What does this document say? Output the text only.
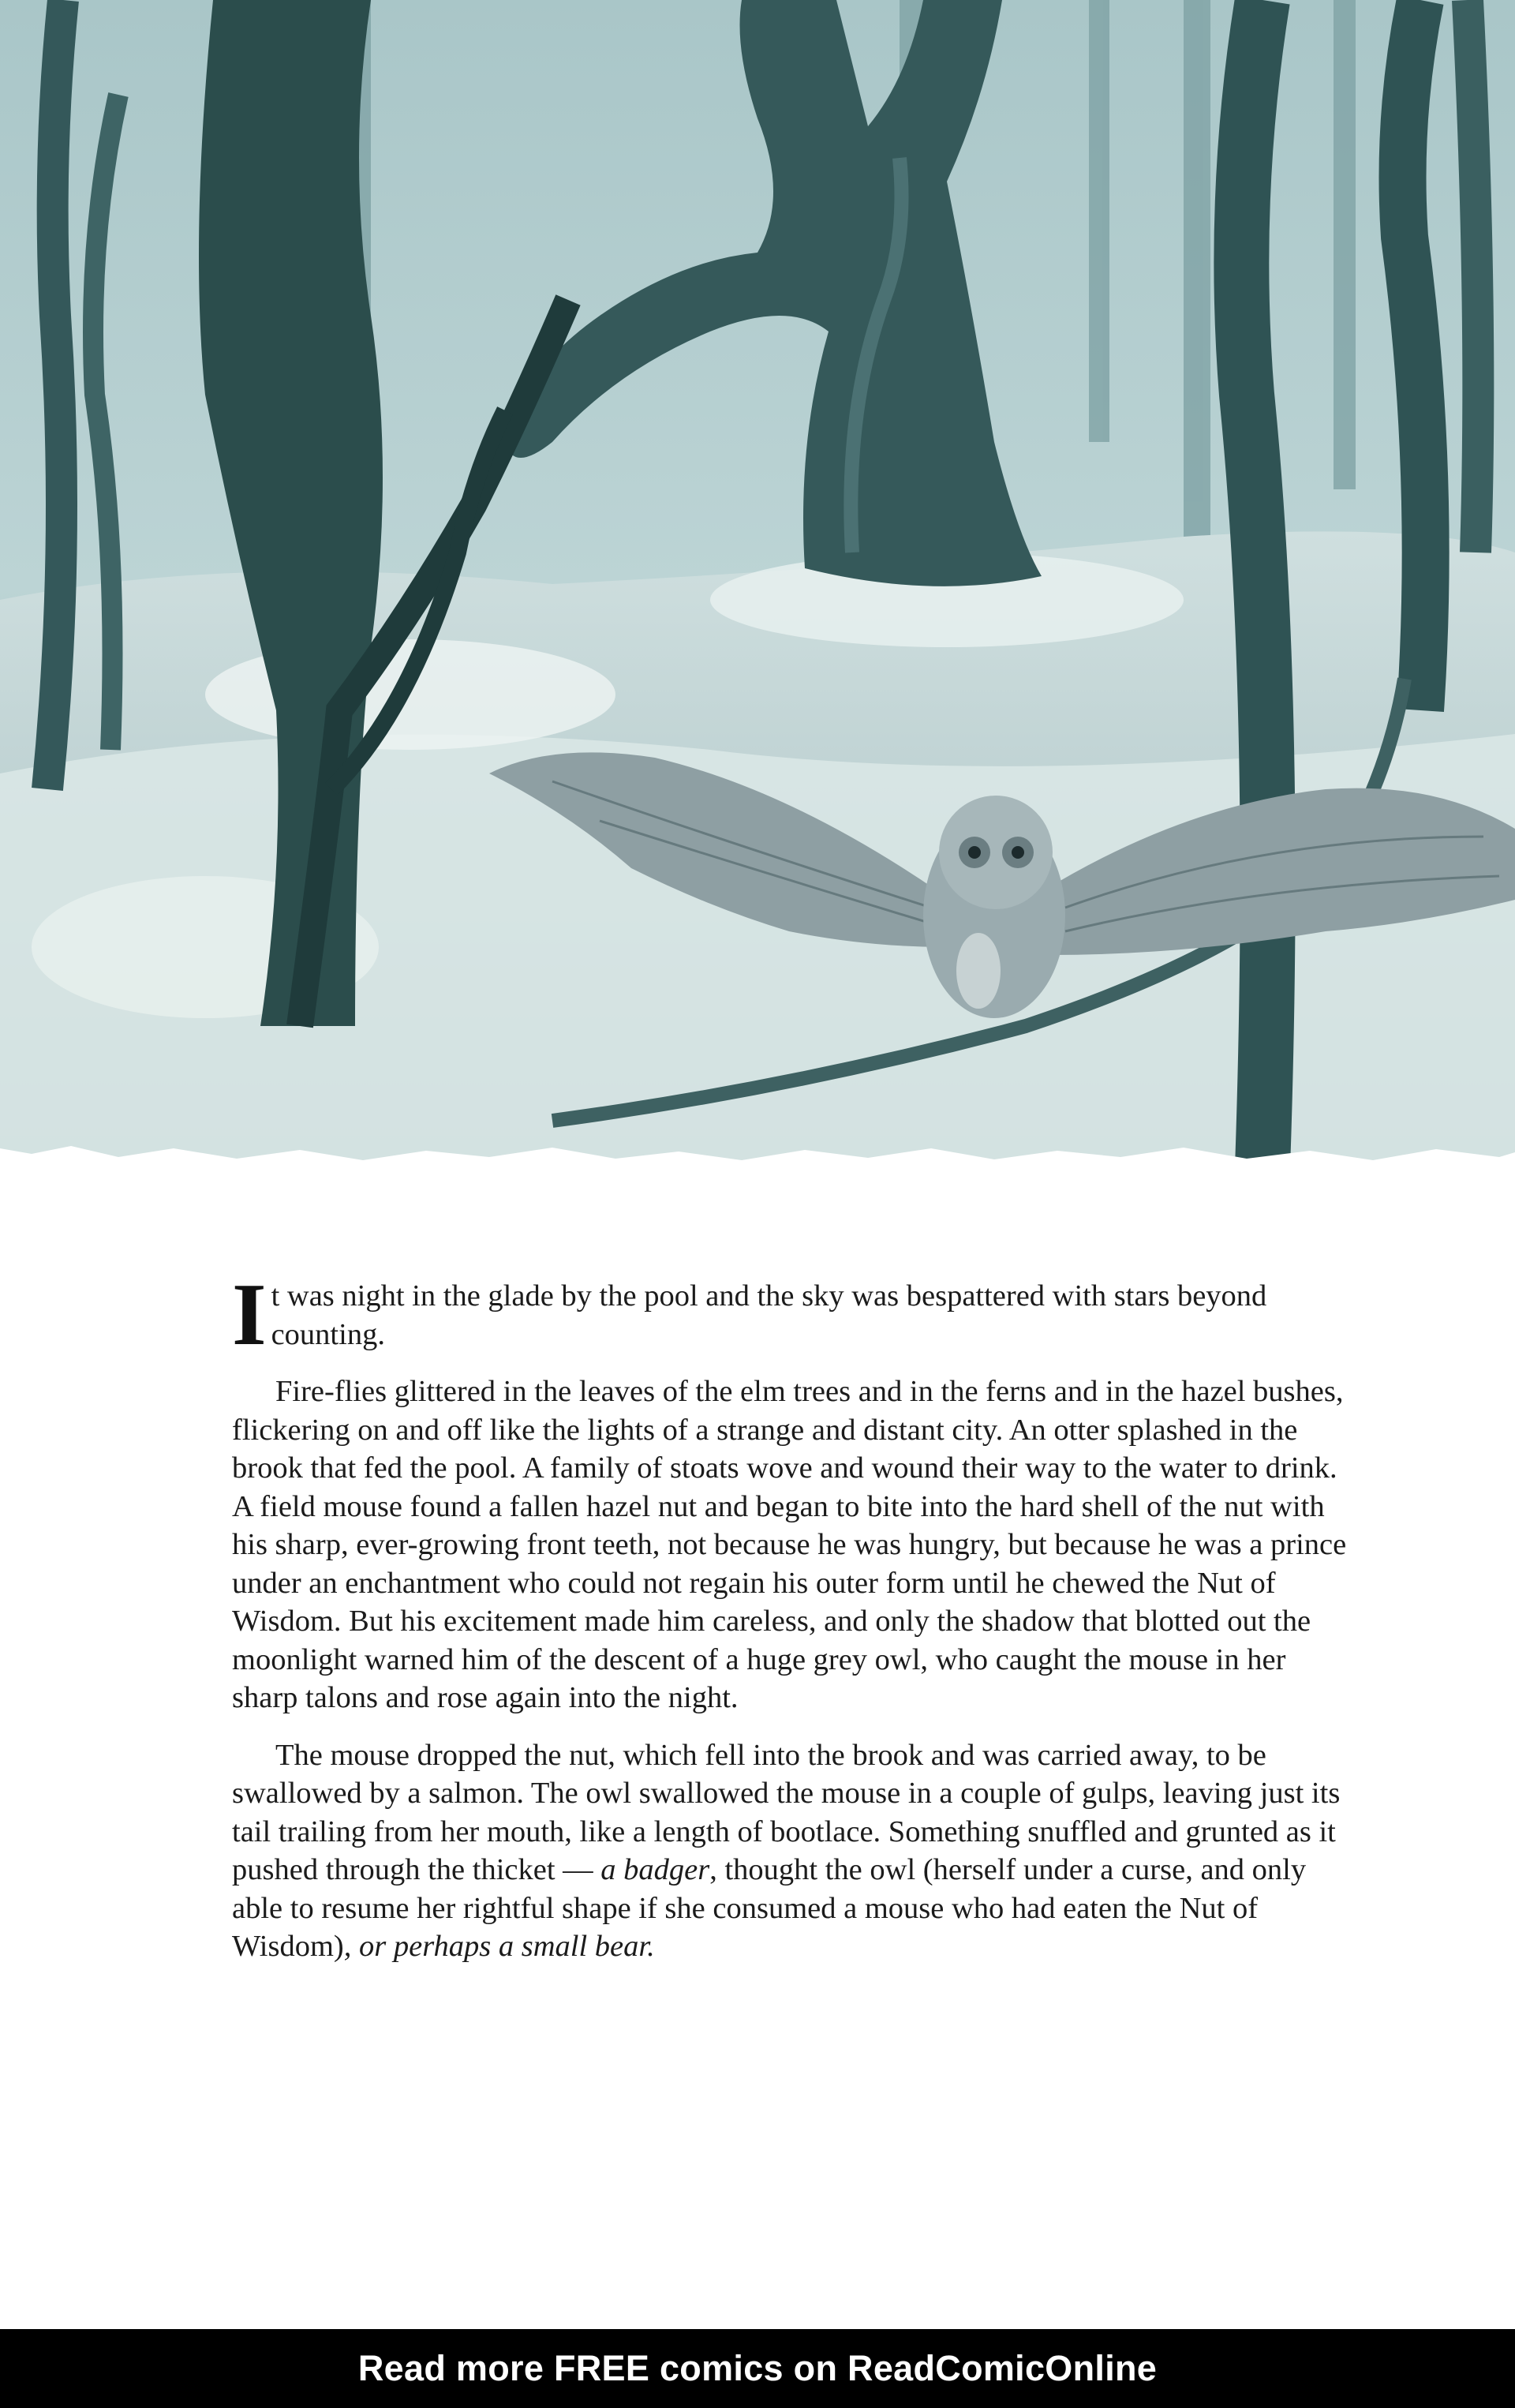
It was night in the glade by the pool and the sky was bespattered with stars beyond counting.

Fire-flies glittered in the leaves of the elm trees and in the ferns and in the hazel bushes, flickering on and off like the lights of a strange and distant city. An otter splashed in the brook that fed the pool. A family of stoats wove and wound their way to the water to drink. A field mouse found a fallen hazel nut and began to bite into the hard shell of the nut with his sharp, ever-growing front teeth, not because he was hungry, but because he was a prince under an enchantment who could not regain his outer form until he chewed the Nut of Wisdom. But his excitement made him careless, and only the shadow that blotted out the moonlight warned him of the descent of a huge grey owl, who caught the mouse in her sharp talons and rose again into the night.

The mouse dropped the nut, which fell into the brook and was carried away, to be swallowed by a salmon. The owl swallowed the mouse in a couple of gulps, leaving just its tail trailing from her mouth, like a length of bootlace. Something snuffled and grunted as it pushed through the thicket — a badger, thought the owl (herself under a curse, and only able to resume her rightful shape if she consumed a mouse who had eaten the Nut of Wisdom), or perhaps a small bear.

Read more FREE comics on ReadComicOnline
